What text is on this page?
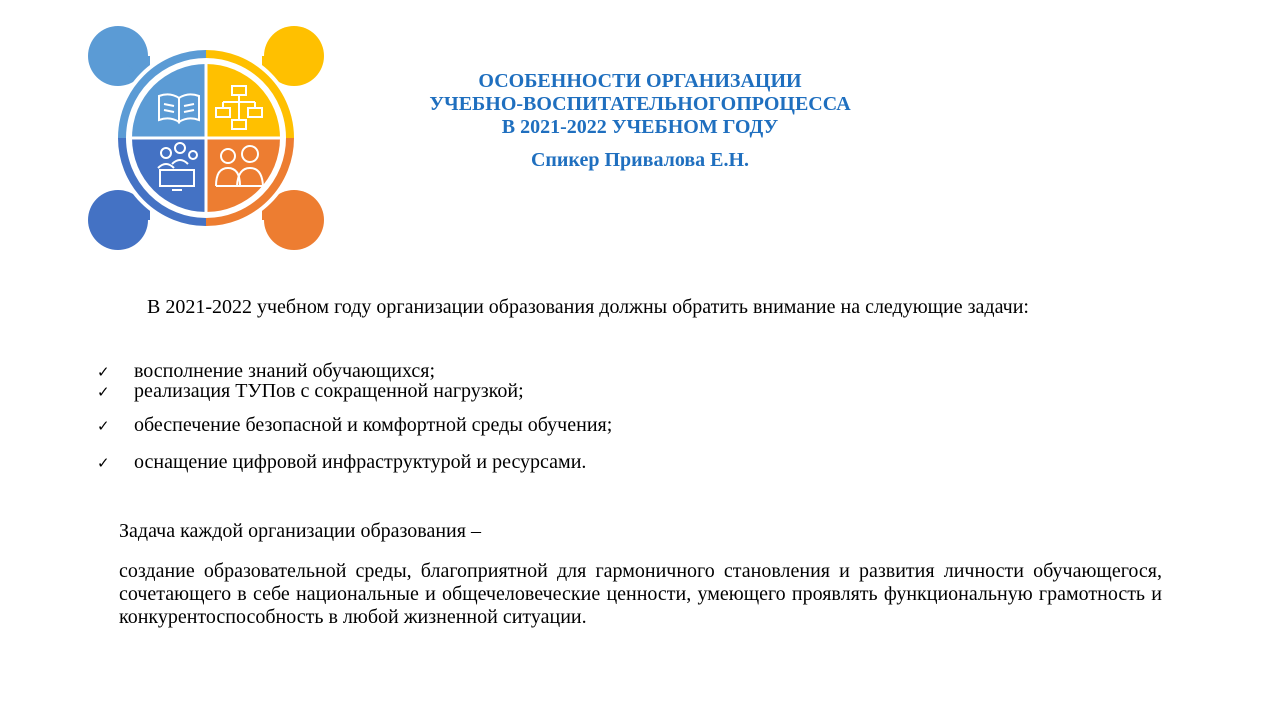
ОСОБЕННОСТИ ОРГАНИЗАЦИИ
УЧЕБНО-ВОСПИТАТЕЛЬНОГОПРОЦЕССА
В 2021-2022 УЧЕБНОМ ГОДУ
Спикер Привалова Е.Н.
В 2021-2022 учебном году организации образования должны обратить внимание на следующие задачи:
✓ восполнение знаний обучающихся;
✓ реализация ТУПов с сокращенной нагрузкой;
✓ обеспечение безопасной и комфортной среды обучения;
✓ оснащение цифровой инфраструктурой и ресурсами.
Задача каждой организации образования –
создание образовательной среды, благоприятной для гармоничного становления и развития личности обучающегося, сочетающего в себе национальные и общечеловеческие ценности, умеющего проявлять функциональную грамотность и конкурентоспособность в любой жизненной ситуации.
